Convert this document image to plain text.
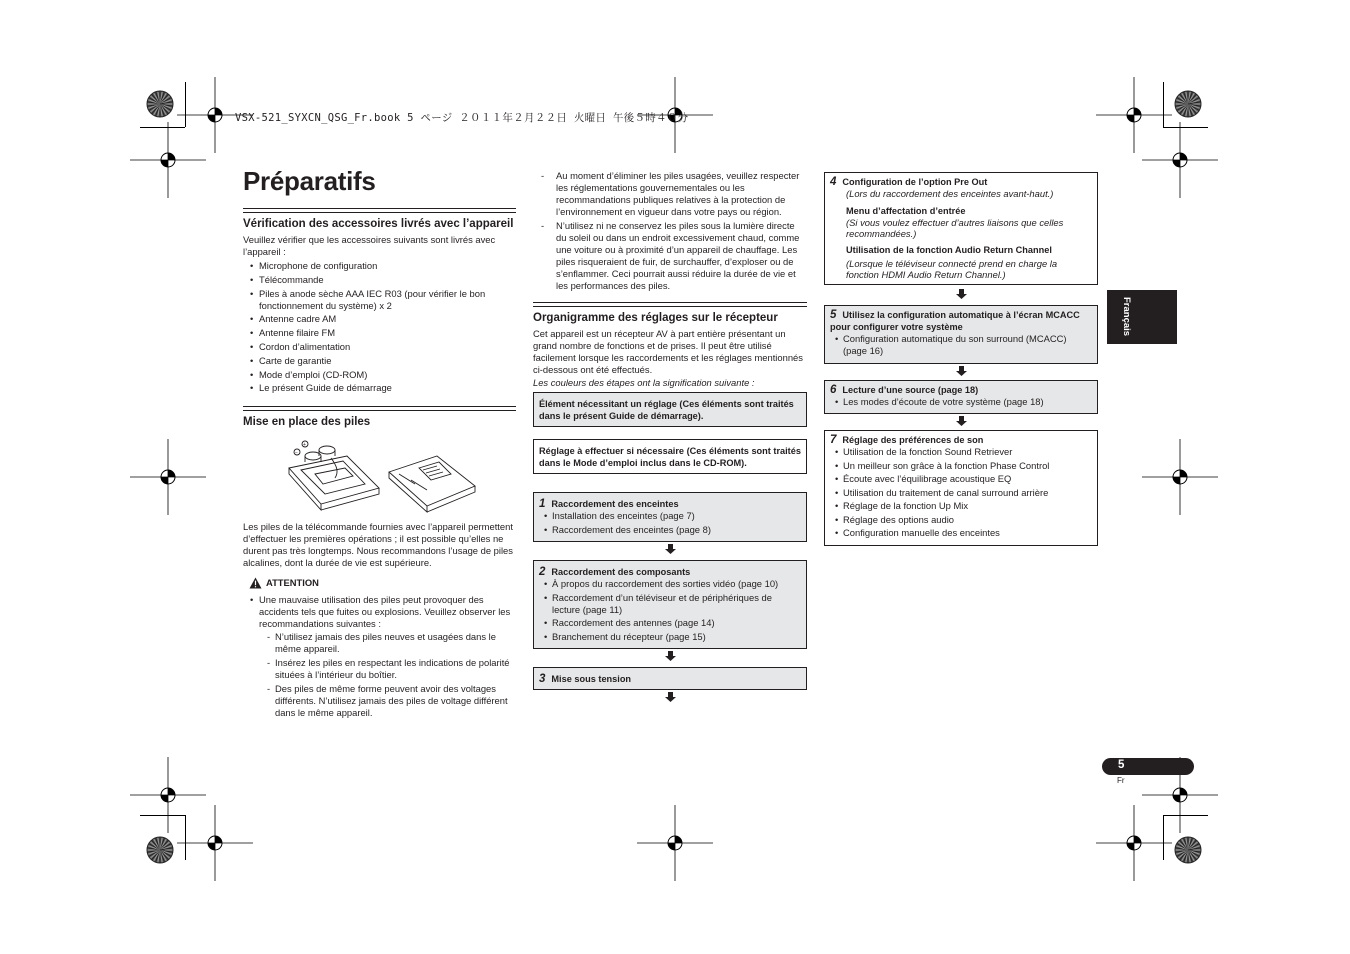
VSX-521_SYXCN_QSG_Fr.book 5 ページ ２０１１年２月２２日 火曜日 午後５時４０分
Préparatifs
Vérification des accessoires livrés avec l’appareil

Veuillez vérifier que les accessoires suivants sont livrés avec l’appareil :

• Microphone de configuration
• Télécommande
• Piles à anode sèche AAA IEC R03 (pour vérifier le bon fonctionnement du système) x 2
• Antenne cadre AM
• Antenne filaire FM
• Cordon d’alimentation
• Carte de garantie
• Mode d’emploi (CD-ROM)
• Le présent Guide de démarrage
Mise en place des piles
+
−

Les piles de la télécommande fournies avec l’appareil permettent d’effectuer les premières opérations ; il est possible qu’elles ne durent pas très longtemps. Nous recommandons l’usage de piles alcalines, dont la durée de vie est supérieure.

ATTENTION
• Une mauvaise utilisation des piles peut provoquer des accidents tels que fuites ou explosions. Veuillez observer les recommandations suivantes :
- N’utilisez jamais des piles neuves et usagées dans le même appareil.
- Insérez les piles en respectant les indications de polarité situées à l’intérieur du boîtier.
- Des piles de même forme peuvent avoir des voltages différents. N’utilisez jamais des piles de voltage différent dans le même appareil.
- Au moment d’éliminer les piles usagées, veuillez respecter les réglementations gouvernementales ou les recommandations publiques relatives à la protection de l’environnement en vigueur dans votre pays ou région.
- N’utilisez ni ne conservez les piles sous la lumière directe du soleil ou dans un endroit excessivement chaud, comme une voiture ou à proximité d’un appareil de chauffage. Les piles risqueraient de fuir, de surchauffer, d’exploser ou de s’enflammer. Ceci pourrait aussi réduire la durée de vie et les performances des piles.
Organigramme des réglages sur le récepteur

Cet appareil est un récepteur AV à part entière présentant un grand nombre de fonctions et de prises. Il peut être utilisé facilement lorsque les raccordements et les réglages mentionnés ci-dessous ont été effectués.

Les couleurs des étapes ont la signification suivante :

Élément nécessitant un réglage (Ces éléments sont traités dans le présent Guide de démarrage).
Réglage à effectuer si nécessaire (Ces éléments sont traités dans le Mode d’emploi inclus dans le CD-ROM).
1 Raccordement des enceintes
• Installation des enceintes (page 7)
• Raccordement des enceintes (page 8)
2 Raccordement des composants
• À propos du raccordement des sorties vidéo (page 10)
• Raccordement d’un téléviseur et de périphériques de lecture (page 11)
• Raccordement des antennes (page 14)
• Branchement du récepteur (page 15)
3 Mise sous tension
4 Configuration de l’option Pre Out
(Lors du raccordement des enceintes avant-haut.)
Menu d’affectation d’entrée
(Si vous voulez effectuer d’autres liaisons que celles recommandées.)
Utilisation de la fonction Audio Return Channel
(Lorsque le téléviseur connecté prend en charge la fonction HDMI Audio Return Channel.)
5 Utilisez la configuration automatique à l’écran MCACC pour configurer votre système
• Configuration automatique du son surround (MCACC) (page 16)
6 Lecture d’une source (page 18)
• Les modes d’écoute de votre système (page 18)
7 Réglage des préférences de son
• Utilisation de la fonction Sound Retriever
• Un meilleur son grâce à la fonction Phase Control
• Écoute avec l’équilibrage acoustique EQ
• Utilisation du traitement de canal surround arrière
• Réglage de la fonction Up Mix
• Réglage des options audio
• Configuration manuelle des enceintes
Français
5
Fr
